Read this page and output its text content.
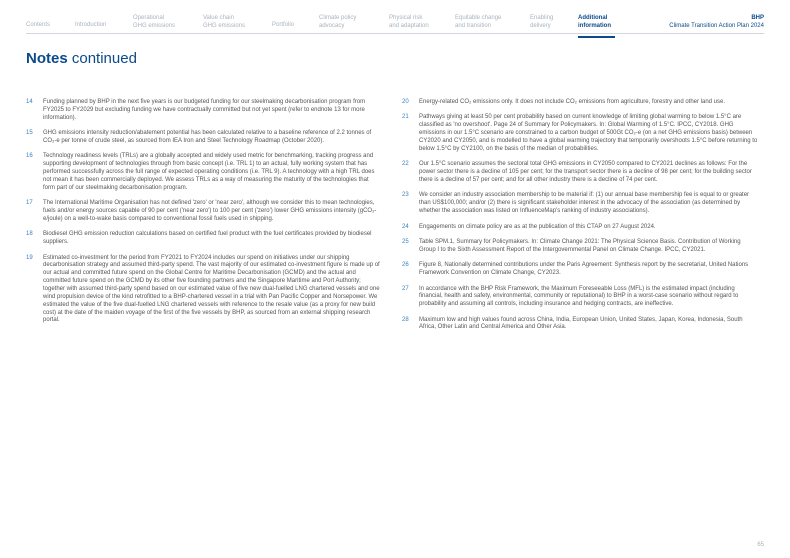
Contents	Introduction
Operational
GHG emissions
Value chain
GHG emissions	Portfolio
Climate policy
advocacy
Physical risk
and adaptation
Equitable change
and transition
Enabling
delivery
Additional
information
BHP
Climate Transition Action Plan 2024
Notes continued
14 Funding planned by BHP in the next five years is our budgeted funding for our steelmaking decarbonisation program from FY2025 to FY2029 but excluding funding we have contractually committed but not yet spent (refer to endnote 13 for more information).
15 GHG emissions intensity reduction/abatement potential has been calculated relative to a baseline reference of 2.2 tonnes of CO₂-e per tonne of crude steel, as sourced from IEA Iron and Steel Technology Roadmap (October 2020).
16 Technology readiness levels (TRLs) are a globally accepted and widely used metric for benchmarking, tracking progress and supporting development of technologies through from basic concept (i.e. TRL 1) to an actual, fully working system that has performed successfully across the full range of expected operating conditions (i.e. TRL 9). A technology with a high TRL does not mean it has been commercially deployed. We assess TRLs as a way of measuring the maturity of the technologies that form part of our steelmaking decarbonisation program.
17 The International Maritime Organisation has not defined 'zero' or 'near zero', although we consider this to mean technologies, fuels and/or energy sources capable of 90 per cent ('near zero') to 100 per cent ('zero') lower GHG emissions intensity (gCO₂-e/joule) on a well-to-wake basis compared to conventional fossil fuels used in shipping.
18 Biodiesel GHG emission reduction calculations based on certified fuel product with the fuel certificates provided by biodiesel suppliers.
19 Estimated co-investment for the period from FY2021 to FY2024 includes our spend on initiatives under our shipping decarbonisation strategy and assumed third-party spend. The vast majority of our estimated co-investment figure is made up of our actual and committed future spend on the Global Centre for Maritime Decarbonisation (GCMD) and the actual and committed future spend on the GCMD by its other five founding partners and the Singapore Maritime and Port Authority; together with assumed third-party spend based on our estimated value of five new dual-fuelled LNG chartered vessels and one wind propulsion device of the kind retrofitted to a BHP-chartered vessel in a trial with Pan Pacific Copper and Norsepower. We estimated the value of the five dual-fuelled LNG chartered vessels with reference to the resale value (as a proxy for new build cost) at the date of the maiden voyage of the first of the five vessels by BHP, as sourced from an external shipping research portal.
20 Energy-related CO₂ emissions only. It does not include CO₂ emissions from agriculture, forestry and other land use.
21 Pathways giving at least 50 per cent probability based on current knowledge of limiting global warming to below 1.5°C are classified as 'no overshoot'. Page 24 of Summary for Policymakers. In: Global Warming of 1.5°C. IPCC, CY2018. GHG emissions in our 1.5°C scenario are constrained to a carbon budget of 500Gt CO₂-e (on a net GHG emissions basis) between CY2020 and CY2050, and is modelled to have a global warming trajectory that temporarily overshoots 1.5°C before returning to below 1.5°C by CY2100, on the basis of the median of probabilities.
22 Our 1.5°C scenario assumes the sectoral total GHG emissions in CY2050 compared to CY2021 declines as follows: For the power sector there is a decline of 105 per cent; for the transport sector there is a decline of 98 per cent; for the building sector there is a decline of 57 per cent; and for all other industry there is a decline of 74 per cent.
23 We consider an industry association membership to be material if: (1) our annual base membership fee is equal to or greater than US$100,000; and/or (2) there is significant stakeholder interest in the advocacy of the association (as determined by whether the association was listed on InfluenceMap's ranking of industry associations).
24 Engagements on climate policy are as at the publication of this CTAP on 27 August 2024.
25 Table SPM.1, Summary for Policymakers. In: Climate Change 2021: The Physical Science Basis. Contribution of Working Group I to the Sixth Assessment Report of the Intergovernmental Panel on Climate Change. IPCC, CY2021.
26 Figure 8, Nationally determined contributions under the Paris Agreement: Synthesis report by the secretariat, United Nations Framework Convention on Climate Change, CY2023.
27 In accordance with the BHP Risk Framework, the Maximum Foreseeable Loss (MFL) is the estimated impact (including financial, health and safety, environmental, community or reputational) to BHP in a worst-case scenario without regard to probability and assuming all controls, including insurance and hedging contracts, are ineffective.
28 Maximum low and high values found across China, India, European Union, United States, Japan, Korea, Indonesia, South Africa, Other Latin and Central America and Other Asia.
65
